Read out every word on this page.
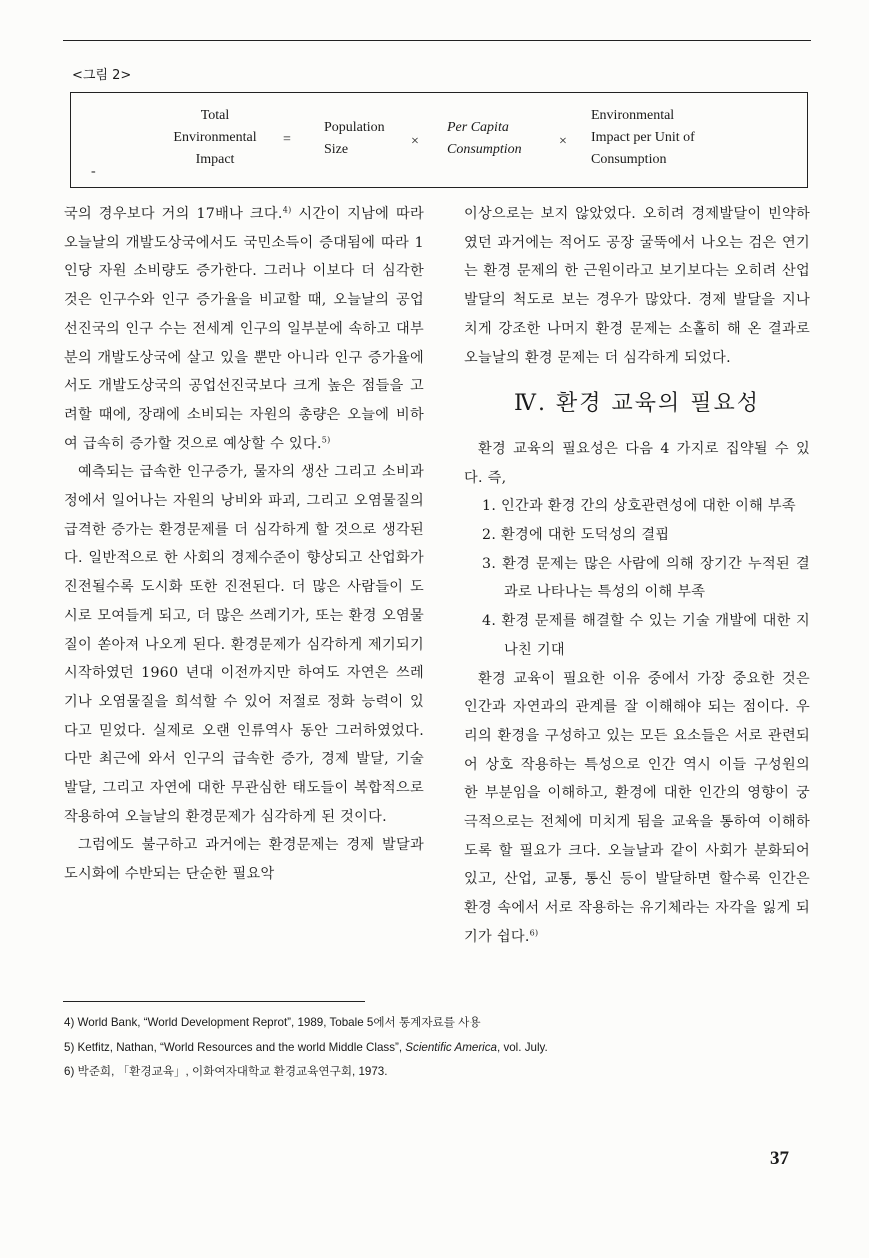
<그림 2>
Total
Environmental
Impact
=
Population
Size
×
Per Capita
Consumption
×
Environmental
Impact per Unit of
Consumption
-

국의 경우보다 거의 17배나 크다.$^{4)}$ 시간이 지남에 따라 오늘날의 개발도상국에서도 국민소득이 증대됨에 따라 1인당 자원 소비량도 증가한다. 그러나 이보다 더 심각한 것은 인구수와 인구 증가율을 비교할 때, 오늘날의 공업선진국의 인구 수는 전세계 인구의 일부분에 속하고 대부분의 개발도상국에 살고 있을 뿐만 아니라 인구 증가율에서도 개발도상국의 공업선진국보다 크게 높은 점들을 고려할 때에, 장래에 소비되는 자원의 총량은 오늘에 비하여 급속히 증가할 것으로 예상할 수 있다.$^{5)}$

예측되는 급속한 인구증가, 물자의 생산 그리고 소비과정에서 일어나는 자원의 낭비와 파괴, 그리고 오염물질의 급격한 증가는 환경문제를 더 심각하게 할 것으로 생각된다. 일반적으로 한 사회의 경제수준이 향상되고 산업화가 진전될수록 도시화 또한 진전된다. 더 많은 사람들이 도시로 모여들게 되고, 더 많은 쓰레기가, 또는 환경 오염물질이 쏟아져 나오게 된다. 환경문제가 심각하게 제기되기 시작하였던 1960 년대 이전까지만 하여도 자연은 쓰레기나 오염물질을 희석할 수 있어 저절로 정화 능력이 있다고 믿었다. 실제로 오랜 인류역사 동안 그러하였었다. 다만 최근에 와서 인구의 급속한 증가, 경제 발달, 기술 발달, 그리고 자연에 대한 무관심한 태도들이 복합적으로 작용하여 오늘날의 환경문제가 심각하게 된 것이다.

그럼에도 불구하고 과거에는 환경문제는 경제 발달과 도시화에 수반되는 단순한 필요악

이상으로는 보지 않았었다. 오히려 경제발달이 빈약하였던 과거에는 적어도 공장 굴뚝에서 나오는 검은 연기는 환경 문제의 한 근원이라고 보기보다는 오히려 산업 발달의 척도로 보는 경우가 많았다. 경제 발달을 지나치게 강조한 나머지 환경 문제는 소홀히 해 온 결과로 오늘날의 환경 문제는 더 심각하게 되었다.

Ⅳ. 환경 교육의 필요성

환경 교육의 필요성은 다음 4 가지로 집약될 수 있다. 즉,

1. 인간과 환경 간의 상호관련성에 대한 이해 부족
2. 환경에 대한 도덕성의 결핍
3. 환경 문제는 많은 사람에 의해 장기간 누적된 결과로 나타나는 특성의 이해 부족
4. 환경 문제를 해결할 수 있는 기술 개발에 대한 지나친 기대

환경 교육이 필요한 이유 중에서 가장 중요한 것은 인간과 자연과의 관계를 잘 이해해야 되는 점이다. 우리의 환경을 구성하고 있는 모든 요소들은 서로 관련되어 상호 작용하는 특성으로 인간 역시 이들 구성원의 한 부분임을 이해하고, 환경에 대한 인간의 영향이 궁극적으로는 전체에 미치게 됨을 교육을 통하여 이해하도록 할 필요가 크다. 오늘날과 같이 사회가 분화되어 있고, 산업, 교통, 통신 등이 발달하면 할수록 인간은 환경 속에서 서로 작용하는 유기체라는 자각을 잃게 되기가 쉽다.$^{6)}$

4) World Bank, “World Development Reprot”, 1989, Tobale 5에서 통계자료를 사용
5) Ketfitz, Nathan, “World Resources and the world Middle Class”, Scientific America, vol. July.
6) 박준희, 「환경교육」, 이화여자대학교 환경교육연구회, 1973.
37
